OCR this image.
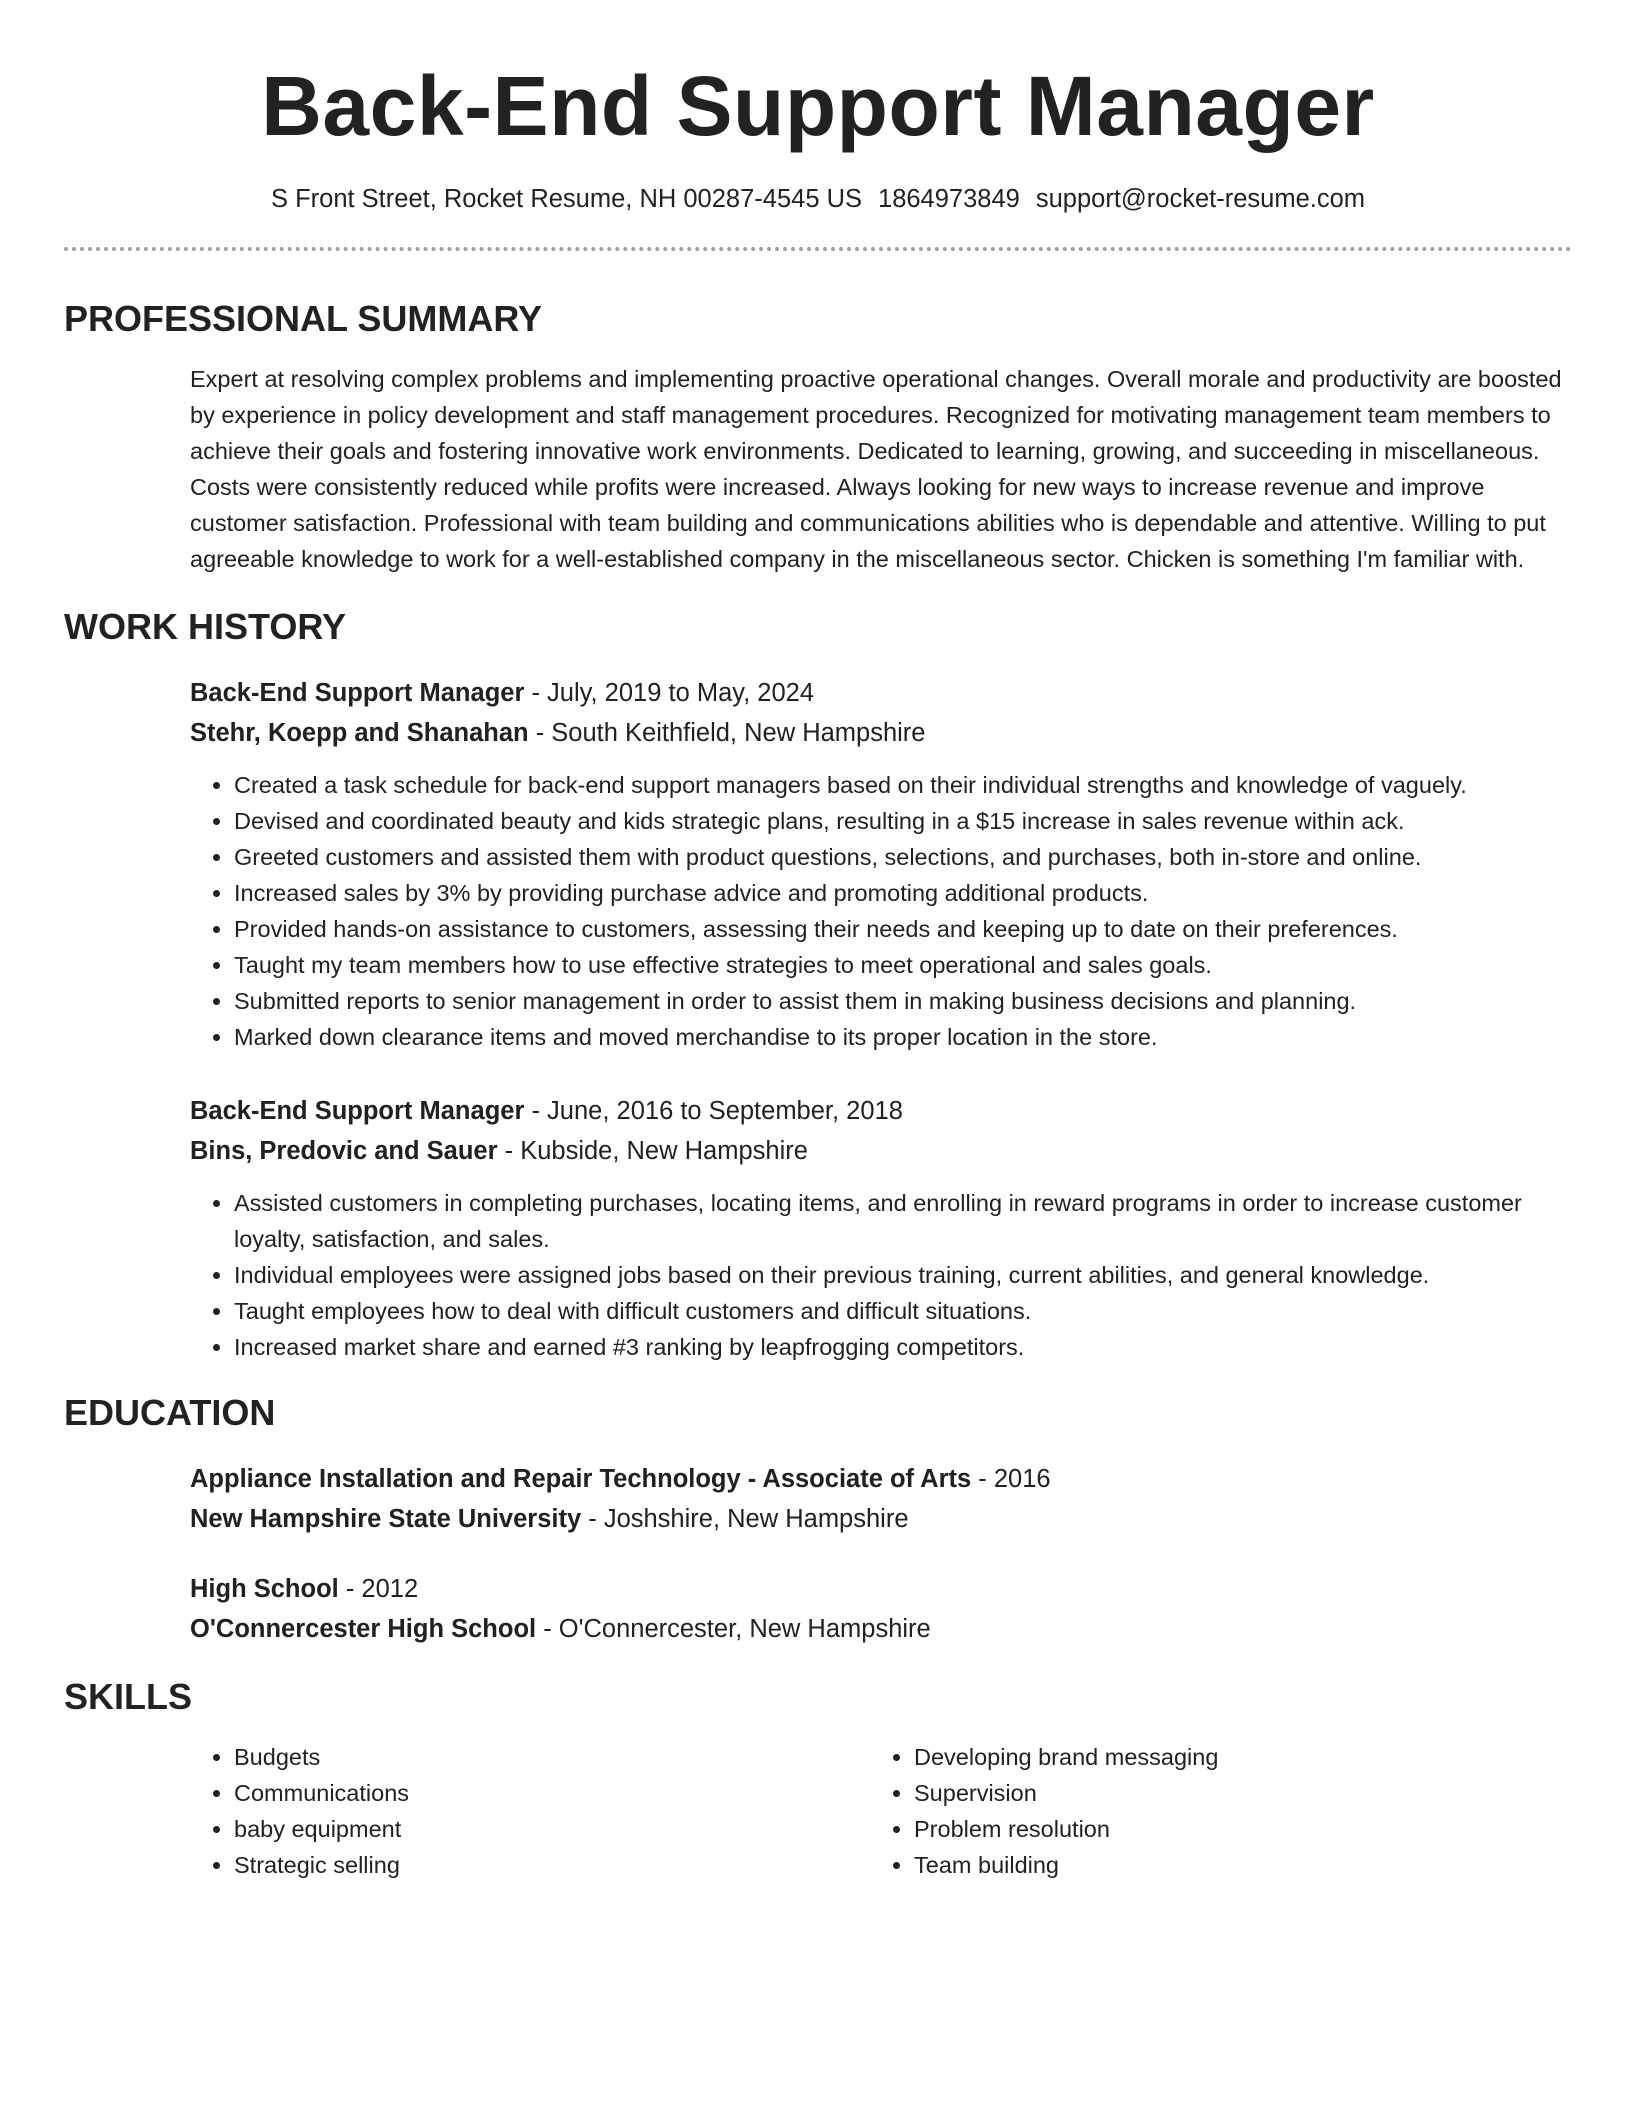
Back-End Support Manager
S Front Street, Rocket Resume, NH 00287-4545 US 1864973849 support@rocket-resume.com
PROFESSIONAL SUMMARY
Expert at resolving complex problems and implementing proactive operational changes. Overall morale and productivity are boosted by experience in policy development and staff management procedures. Recognized for motivating management team members to achieve their goals and fostering innovative work environments. Dedicated to learning, growing, and succeeding in miscellaneous. Costs were consistently reduced while profits were increased. Always looking for new ways to increase revenue and improve customer satisfaction. Professional with team building and communications abilities who is dependable and attentive. Willing to put agreeable knowledge to work for a well-established company in the miscellaneous sector. Chicken is something I'm familiar with.
WORK HISTORY
Back-End Support Manager - July, 2019 to May, 2024
Stehr, Koepp and Shanahan - South Keithfield, New Hampshire
• Created a task schedule for back-end support managers based on their individual strengths and knowledge of vaguely.
• Devised and coordinated beauty and kids strategic plans, resulting in a $15 increase in sales revenue within ack.
• Greeted customers and assisted them with product questions, selections, and purchases, both in-store and online.
• Increased sales by 3% by providing purchase advice and promoting additional products.
• Provided hands-on assistance to customers, assessing their needs and keeping up to date on their preferences.
• Taught my team members how to use effective strategies to meet operational and sales goals.
• Submitted reports to senior management in order to assist them in making business decisions and planning.
• Marked down clearance items and moved merchandise to its proper location in the store.
Back-End Support Manager - June, 2016 to September, 2018
Bins, Predovic and Sauer - Kubside, New Hampshire
• Assisted customers in completing purchases, locating items, and enrolling in reward programs in order to increase customer loyalty, satisfaction, and sales.
• Individual employees were assigned jobs based on their previous training, current abilities, and general knowledge.
• Taught employees how to deal with difficult customers and difficult situations.
• Increased market share and earned #3 ranking by leapfrogging competitors.
EDUCATION
Appliance Installation and Repair Technology - Associate of Arts - 2016
New Hampshire State University - Joshshire, New Hampshire
High School - 2012
O'Connercester High School - O'Connercester, New Hampshire
SKILLS
• Budgets
• Communications
• baby equipment
• Strategic selling
• Developing brand messaging
• Supervision
• Problem resolution
• Team building
